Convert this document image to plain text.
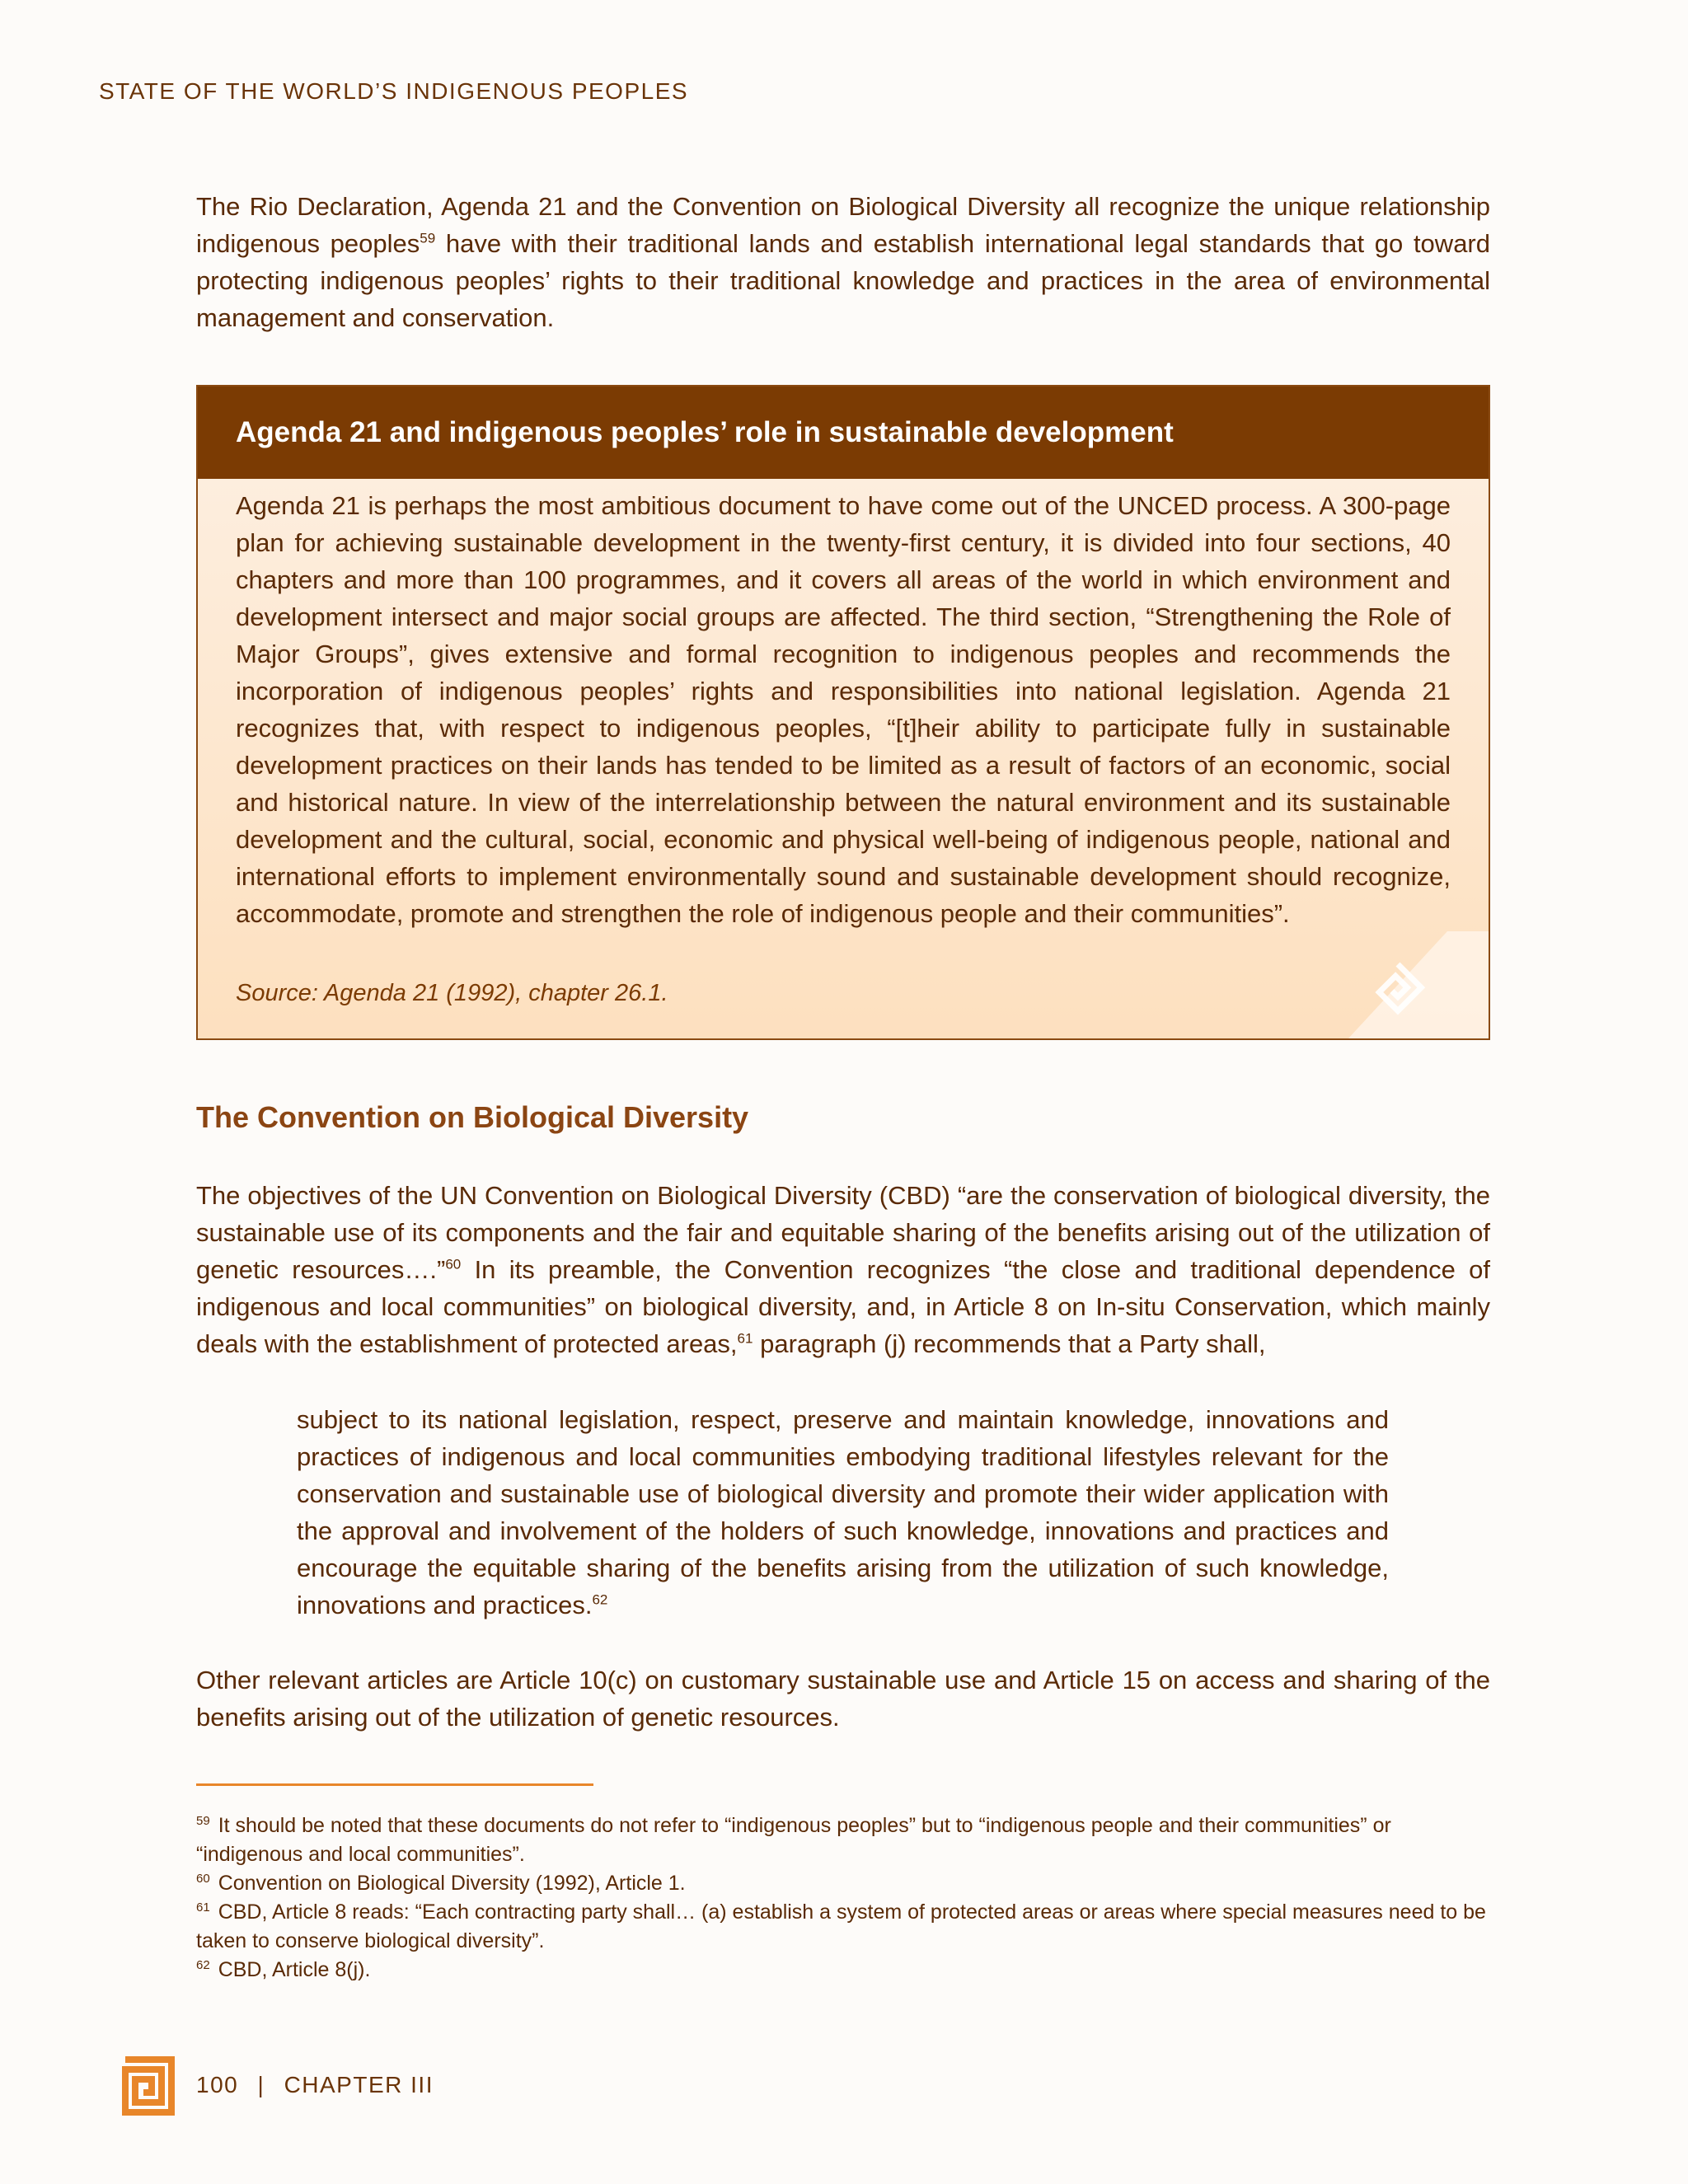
STATE OF THE WORLD’S INDIGENOUS PEOPLES

The Rio Declaration, Agenda 21 and the Convention on Biological Diversity all recognize the unique relationship indigenous peoples$^{59}$ have with their traditional lands and establish international legal standards that go toward protecting indigenous peoples’ rights to their traditional knowledge and practices in the area of environmental management and conservation.

Agenda 21 and indigenous peoples’ role in sustainable development

Agenda 21 is perhaps the most ambitious document to have come out of the UNCED process. A 300-page plan for achieving sustainable development in the twenty-first century, it is divided into four sections, 40 chapters and more than 100 programmes, and it covers all areas of the world in which environment and development intersect and major social groups are affected. The third section, “Strengthening the Role of Major Groups”, gives extensive and formal recognition to indigenous peoples and recommends the incorporation of indigenous peoples’ rights and responsibilities into national legislation. Agenda 21 recognizes that, with respect to indigenous peoples, “[t]heir ability to participate fully in sustainable development practices on their lands has tended to be limited as a result of factors of an economic, social and historical nature. In view of the interrelationship between the natural environment and its sustainable development and the cultural, social, economic and physical well-being of indigenous people, national and international efforts to implement environmentally sound and sustainable development should recognize, accommodate, promote and strengthen the role of indigenous people and their communities”.

Source: Agenda 21 (1992), chapter 26.1.
The Convention on Biological Diversity

The objectives of the UN Convention on Biological Diversity (CBD) “are the conservation of biological diversity, the sustainable use of its components and the fair and equitable sharing of the benefits arising out of the utilization of genetic resources….”$^{60}$ In its preamble, the Convention recognizes “the close and traditional dependence of indigenous and local communities” on biological diversity, and, in Article 8 on In-situ Conservation, which mainly deals with the establishment of protected areas,$^{61}$ paragraph (j) recommends that a Party shall,

subject to its national legislation, respect, preserve and maintain knowledge, innovations and practices of indigenous and local communities embodying traditional lifestyles relevant for the conservation and sustainable use of biological diversity and promote their wider application with the approval and involvement of the holders of such knowledge, innovations and practices and encourage the equitable sharing of the benefits arising from the utilization of such knowledge, innovations and practices.$^{62}$

Other relevant articles are Article 10(c) on customary sustainable use and Article 15 on access and sharing of the benefits arising out of the utilization of genetic resources.

$^{59}$ It should be noted that these documents do not refer to “indigenous peoples” but to “indigenous people and their communities” or “indigenous and local communities”.

$^{60}$ Convention on Biological Diversity (1992), Article 1.

$^{61}$ CBD, Article 8 reads: “Each contracting party shall… (a) establish a system of protected areas or areas where special measures need to be taken to conserve biological diversity”.

$^{62}$ CBD, Article 8(j).

100 | CHAPTER III
